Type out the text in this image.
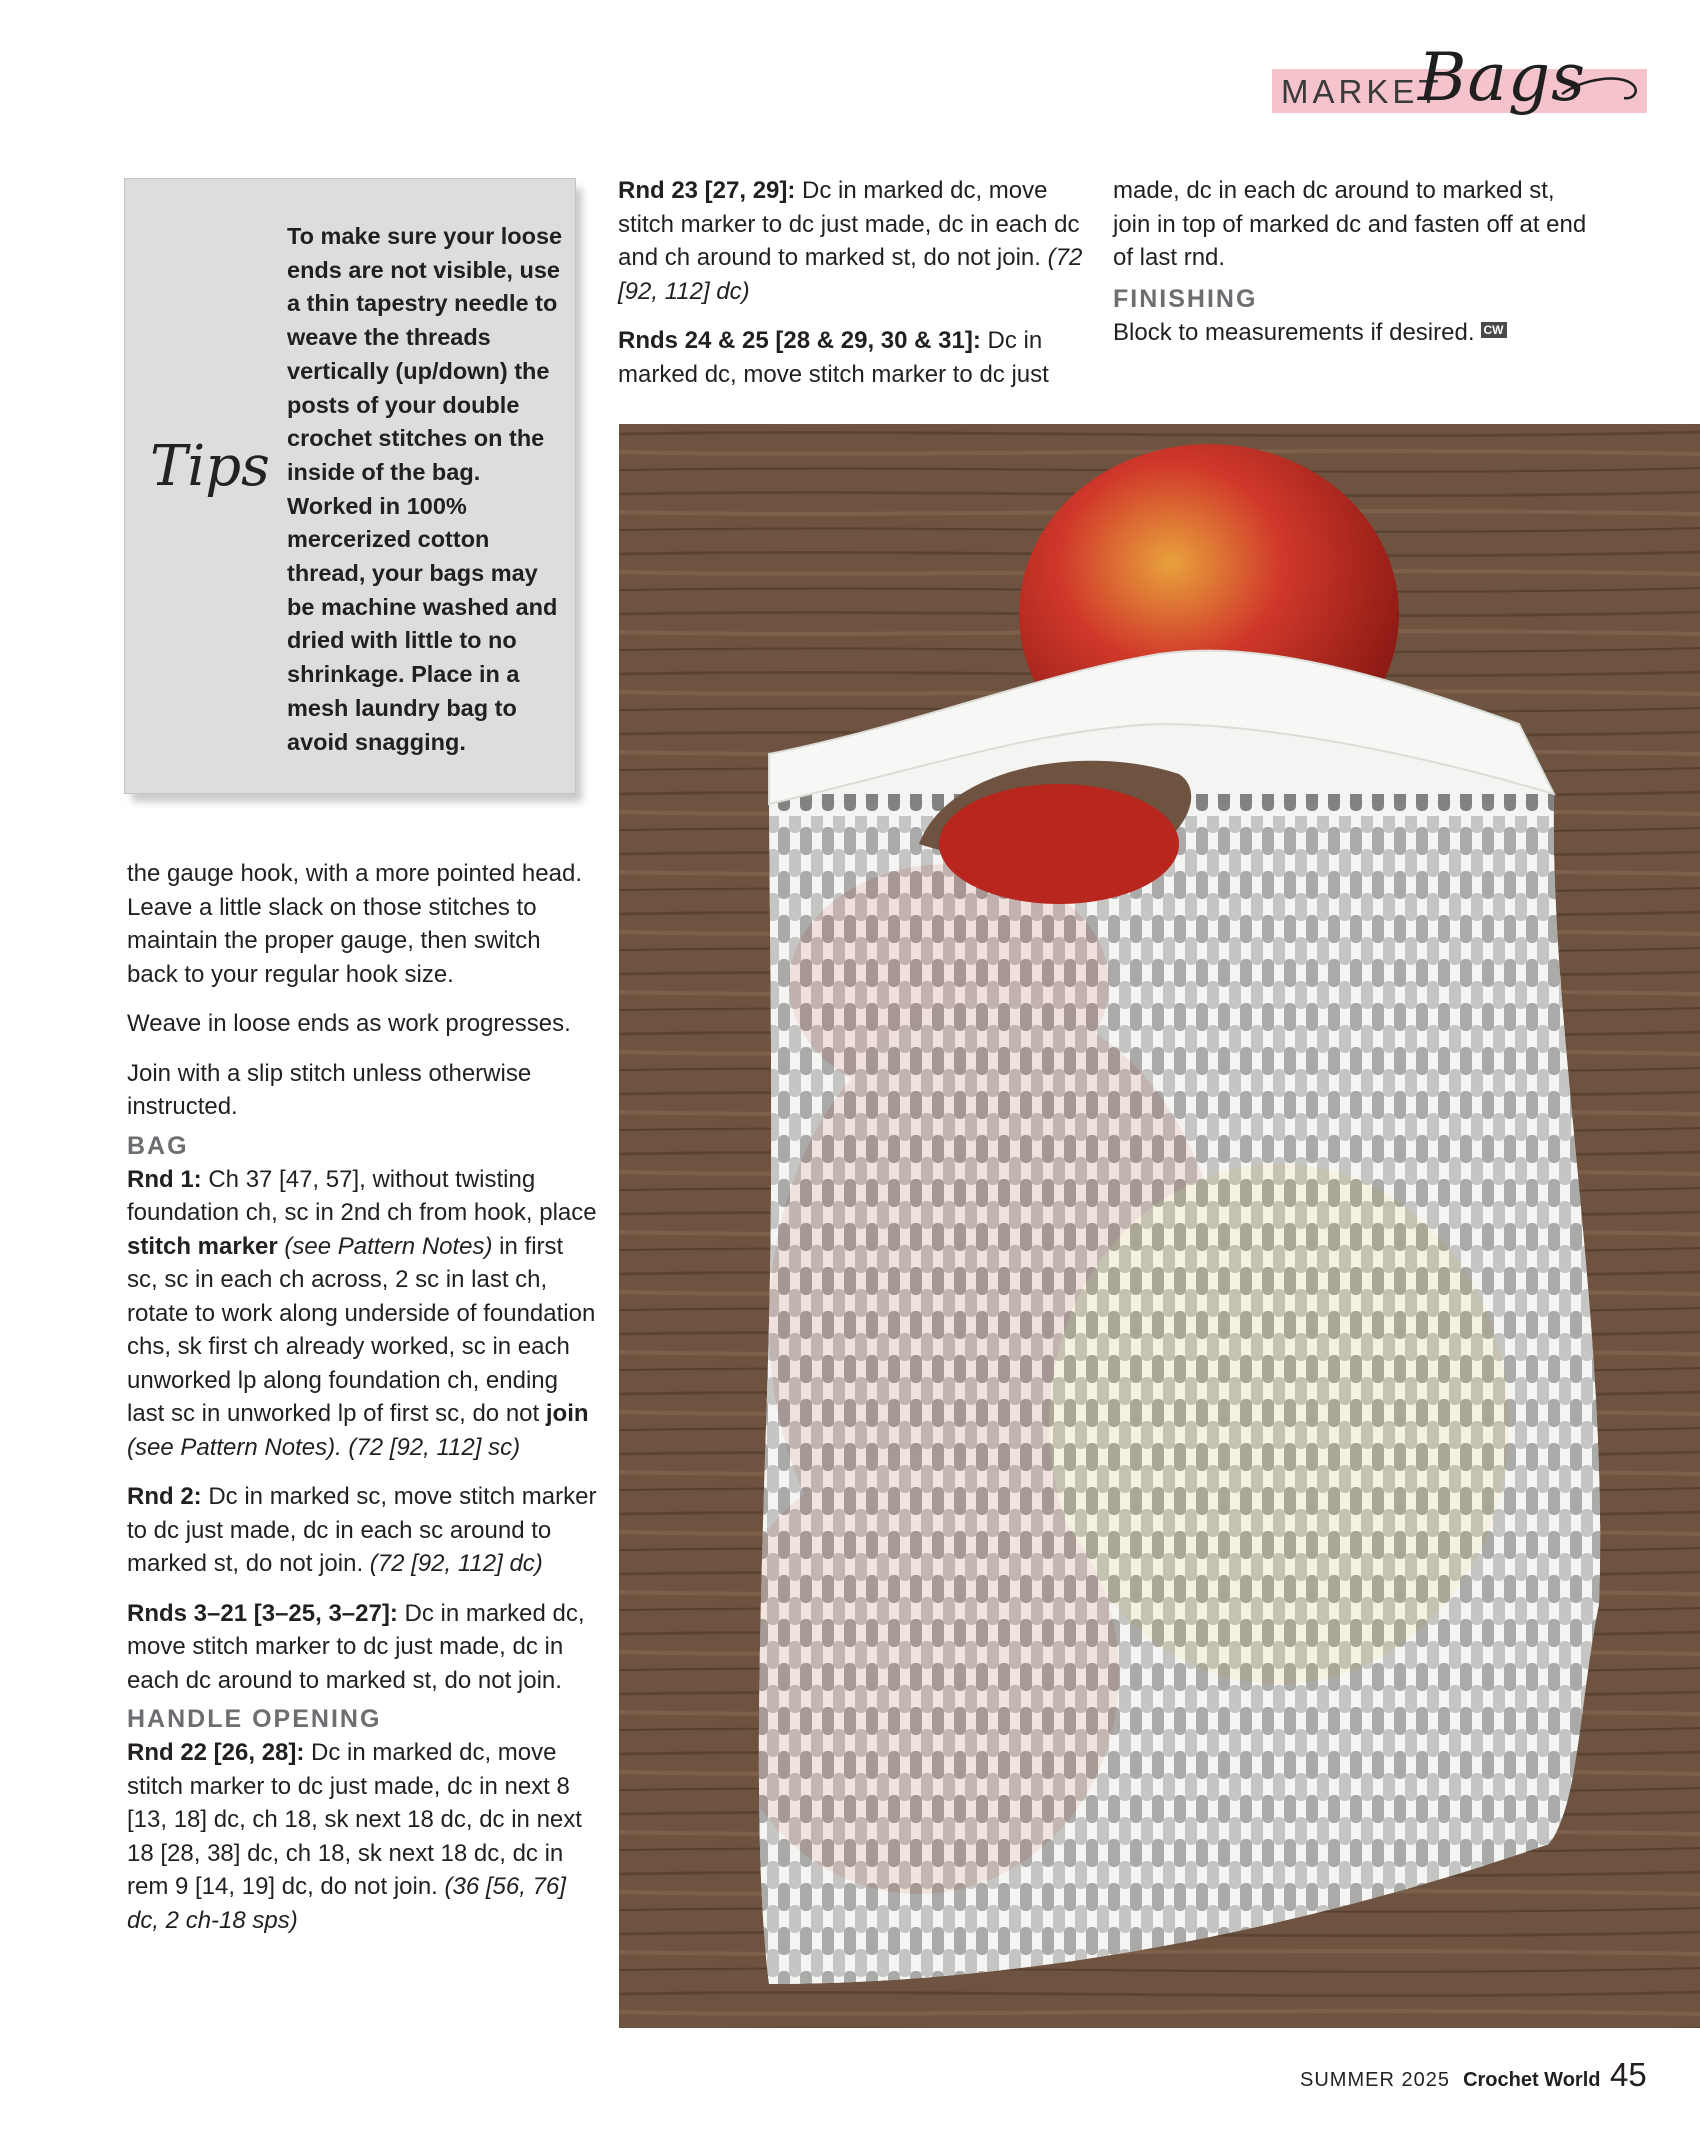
MARKET
Bags
Tips
To make sure your loose ends are not visible, use a thin tapestry needle to weave the threads vertically (up/down) the posts of your double crochet stitches on the inside of the bag. Worked in 100% mercerized cotton thread, your bags may be machine washed and dried with little to no shrinkage. Place in a mesh laundry bag to avoid snagging.

the gauge hook, with a more pointed head. Leave a little slack on those stitches to maintain the proper gauge, then switch back to your regular hook size.

Weave in loose ends as work progresses.

Join with a slip stitch unless otherwise instructed.

BAG

Rnd 1: Ch 37 [47, 57], without twisting foundation ch, sc in 2nd ch from hook, place stitch marker (see Pattern Notes) in first sc, sc in each ch across, 2 sc in last ch, rotate to work along underside of foundation chs, sk first ch already worked, sc in each unworked lp along foundation ch, ending last sc in unworked lp of first sc, do not join (see Pattern Notes). (72 [92, 112] sc)

Rnd 2: Dc in marked sc, move stitch marker to dc just made, dc in each sc around to marked st, do not join. (72 [92, 112] dc)

Rnds 3–21 [3–25, 3–27]: Dc in marked dc, move stitch marker to dc just made, dc in each dc around to marked st, do not join.

HANDLE OPENING

Rnd 22 [26, 28]: Dc in marked dc, move stitch marker to dc just made, dc in next 8 [13, 18] dc, ch 18, sk next 18 dc, dc in next 18 [28, 38] dc, ch 18, sk next 18 dc, dc in rem 9 [14, 19] dc, do not join. (36 [56, 76] dc, 2 ch-18 sps)

Rnd 23 [27, 29]: Dc in marked dc, move stitch marker to dc just made, dc in each dc and ch around to marked st, do not join. (72 [92, 112] dc)

Rnds 24 & 25 [28 & 29, 30 & 31]: Dc in marked dc, move stitch marker to dc just

made, dc in each dc around to marked st, join in top of marked dc and fasten off at end of last rnd.

FINISHING

Block to measurements if desired. CW

SUMMER 2025 Crochet World 45
